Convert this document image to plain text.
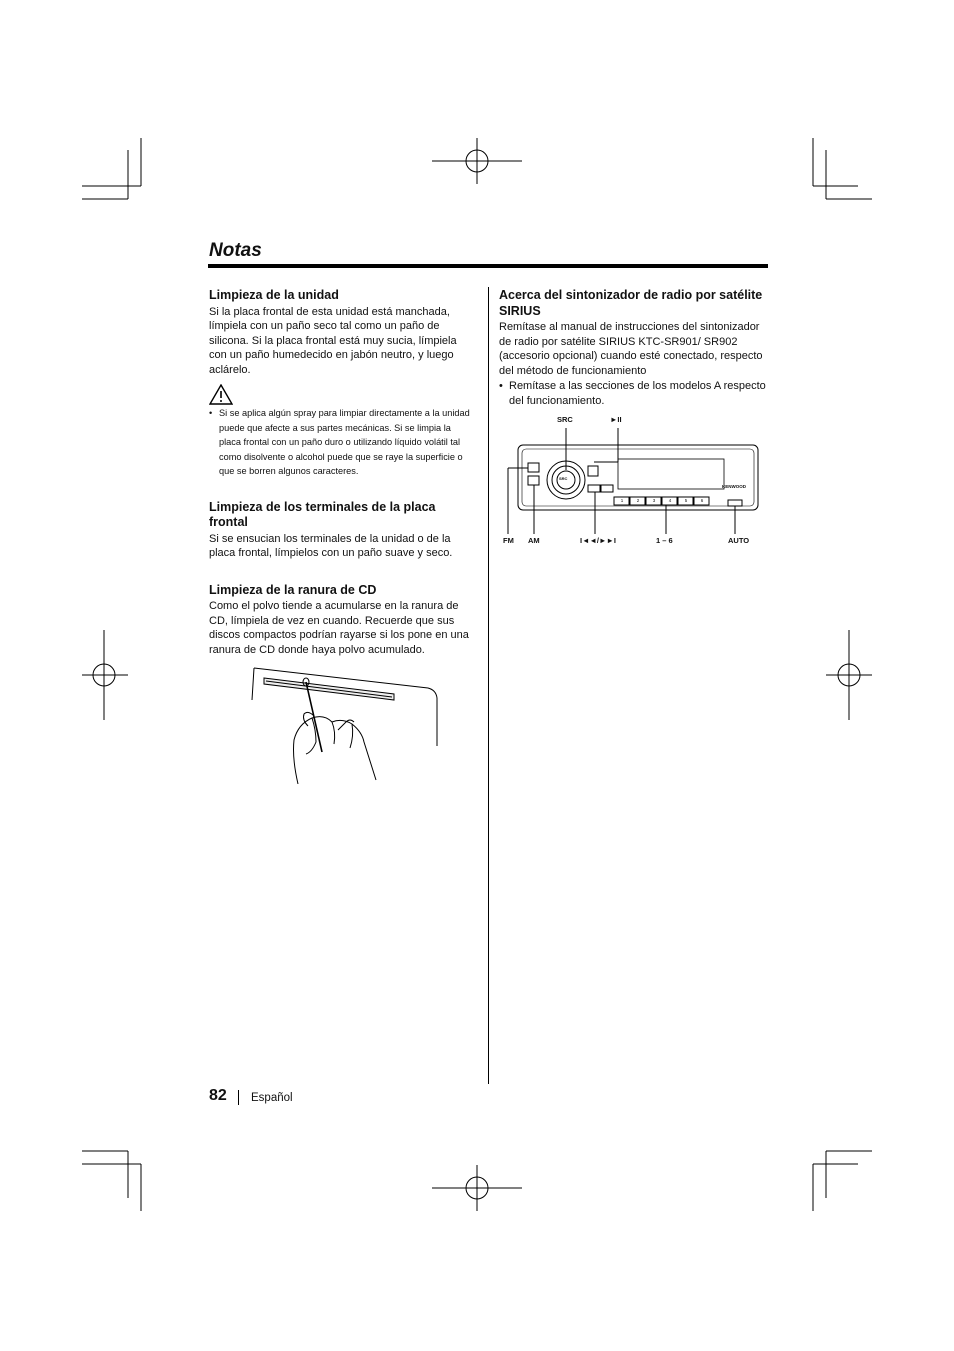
Notas
Limpieza de la unidad
Si la placa frontal de esta unidad está manchada, límpiela con un paño seco tal como un paño de silicona. Si la placa frontal está muy sucia, límpiela con un paño humedecido en jabón neutro, y luego aclárelo.
• Si se aplica algún spray para limpiar directamente a la unidad puede que afecte a sus partes mecánicas. Si se limpia la placa frontal con un paño duro o utilizando líquido volátil tal como disolvente o alcohol puede que se raye la superficie o que se borren algunos caracteres.
Limpieza de los terminales de la placa frontal
Si se ensucian los terminales de la unidad o de la placa frontal, límpielos con un paño suave y seco.
Limpieza de la ranura de CD
Como el polvo tiende a acumularse en la ranura de CD, límpiela de vez en cuando. Recuerde que sus discos compactos podrían rayarse si los pone en una ranura de CD donde haya polvo acumulado.
Acerca del sintonizador de radio por satélite SIRIUS
Remítase al manual de instrucciones del sintonizador de radio por satélite SIRIUS KTC-SR901/ SR902 (accesorio opcional) cuando esté conectado, respecto del método de funcionamiento
• Remítase a las secciones de los modelos A respecto del funcionamiento.
SRC	►II
FM AM	I◄◄/►►I	1 – 6	AUTO
SRC
KENWOOD
1	2	3	4	5	6
82 Español
